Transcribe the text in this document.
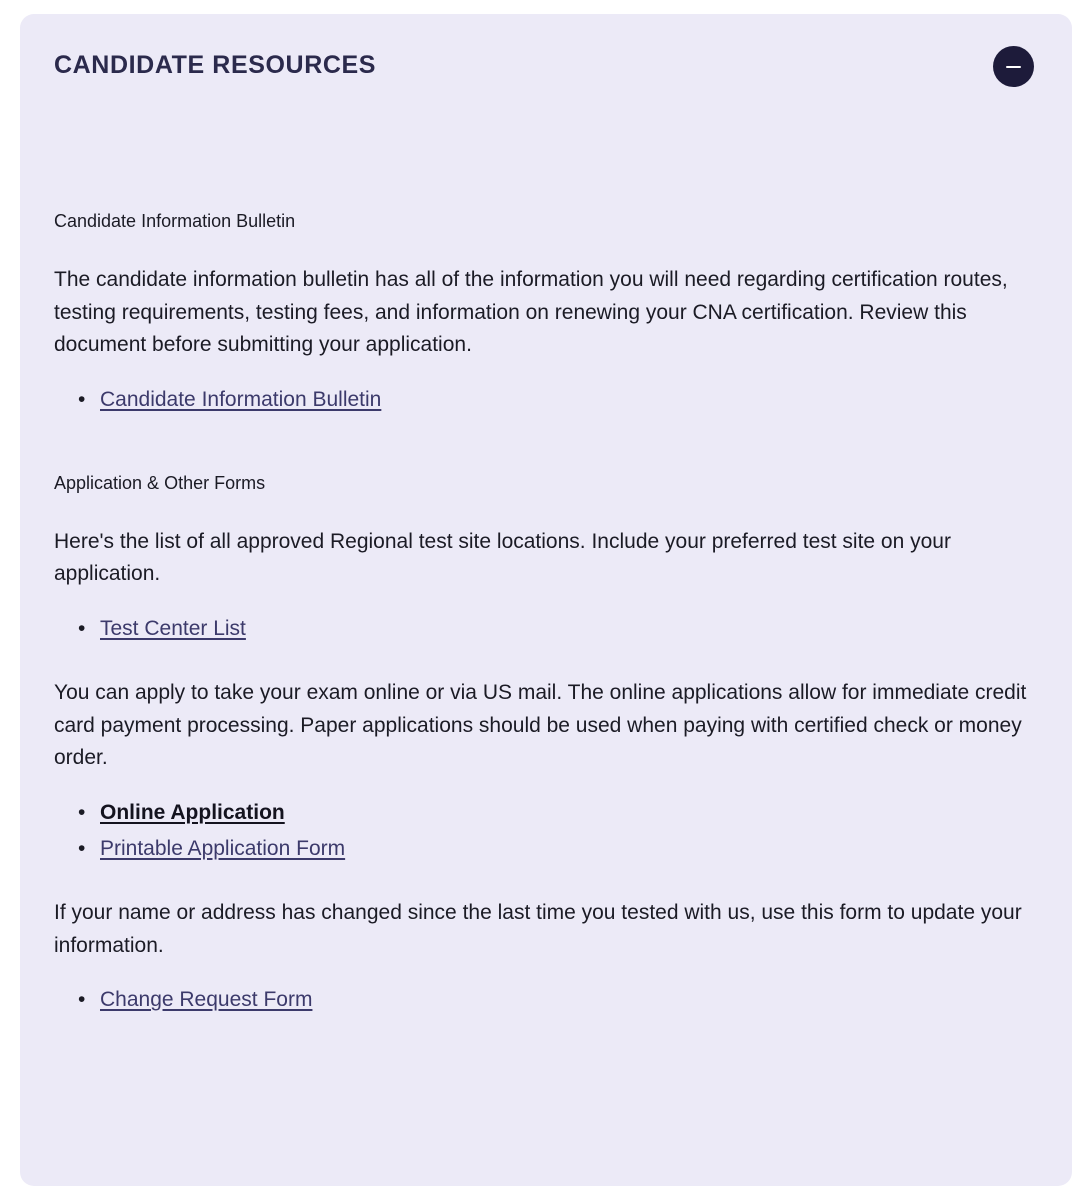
CANDIDATE RESOURCES
Candidate Information Bulletin

The candidate information bulletin has all of the information you will need regarding certification routes, testing requirements, testing fees, and information on renewing your CNA certification. Review this document before submitting your application.

• Candidate Information Bulletin
Application & Other Forms

Here's the list of all approved Regional test site locations. Include your preferred test site on your application.

• Test Center List

You can apply to take your exam online or via US mail. The online applications allow for immediate credit card payment processing. Paper applications should be used when paying with certified check or money order.

• Online Application
• Printable Application Form

If your name or address has changed since the last time you tested with us, use this form to update your information.

• Change Request Form
